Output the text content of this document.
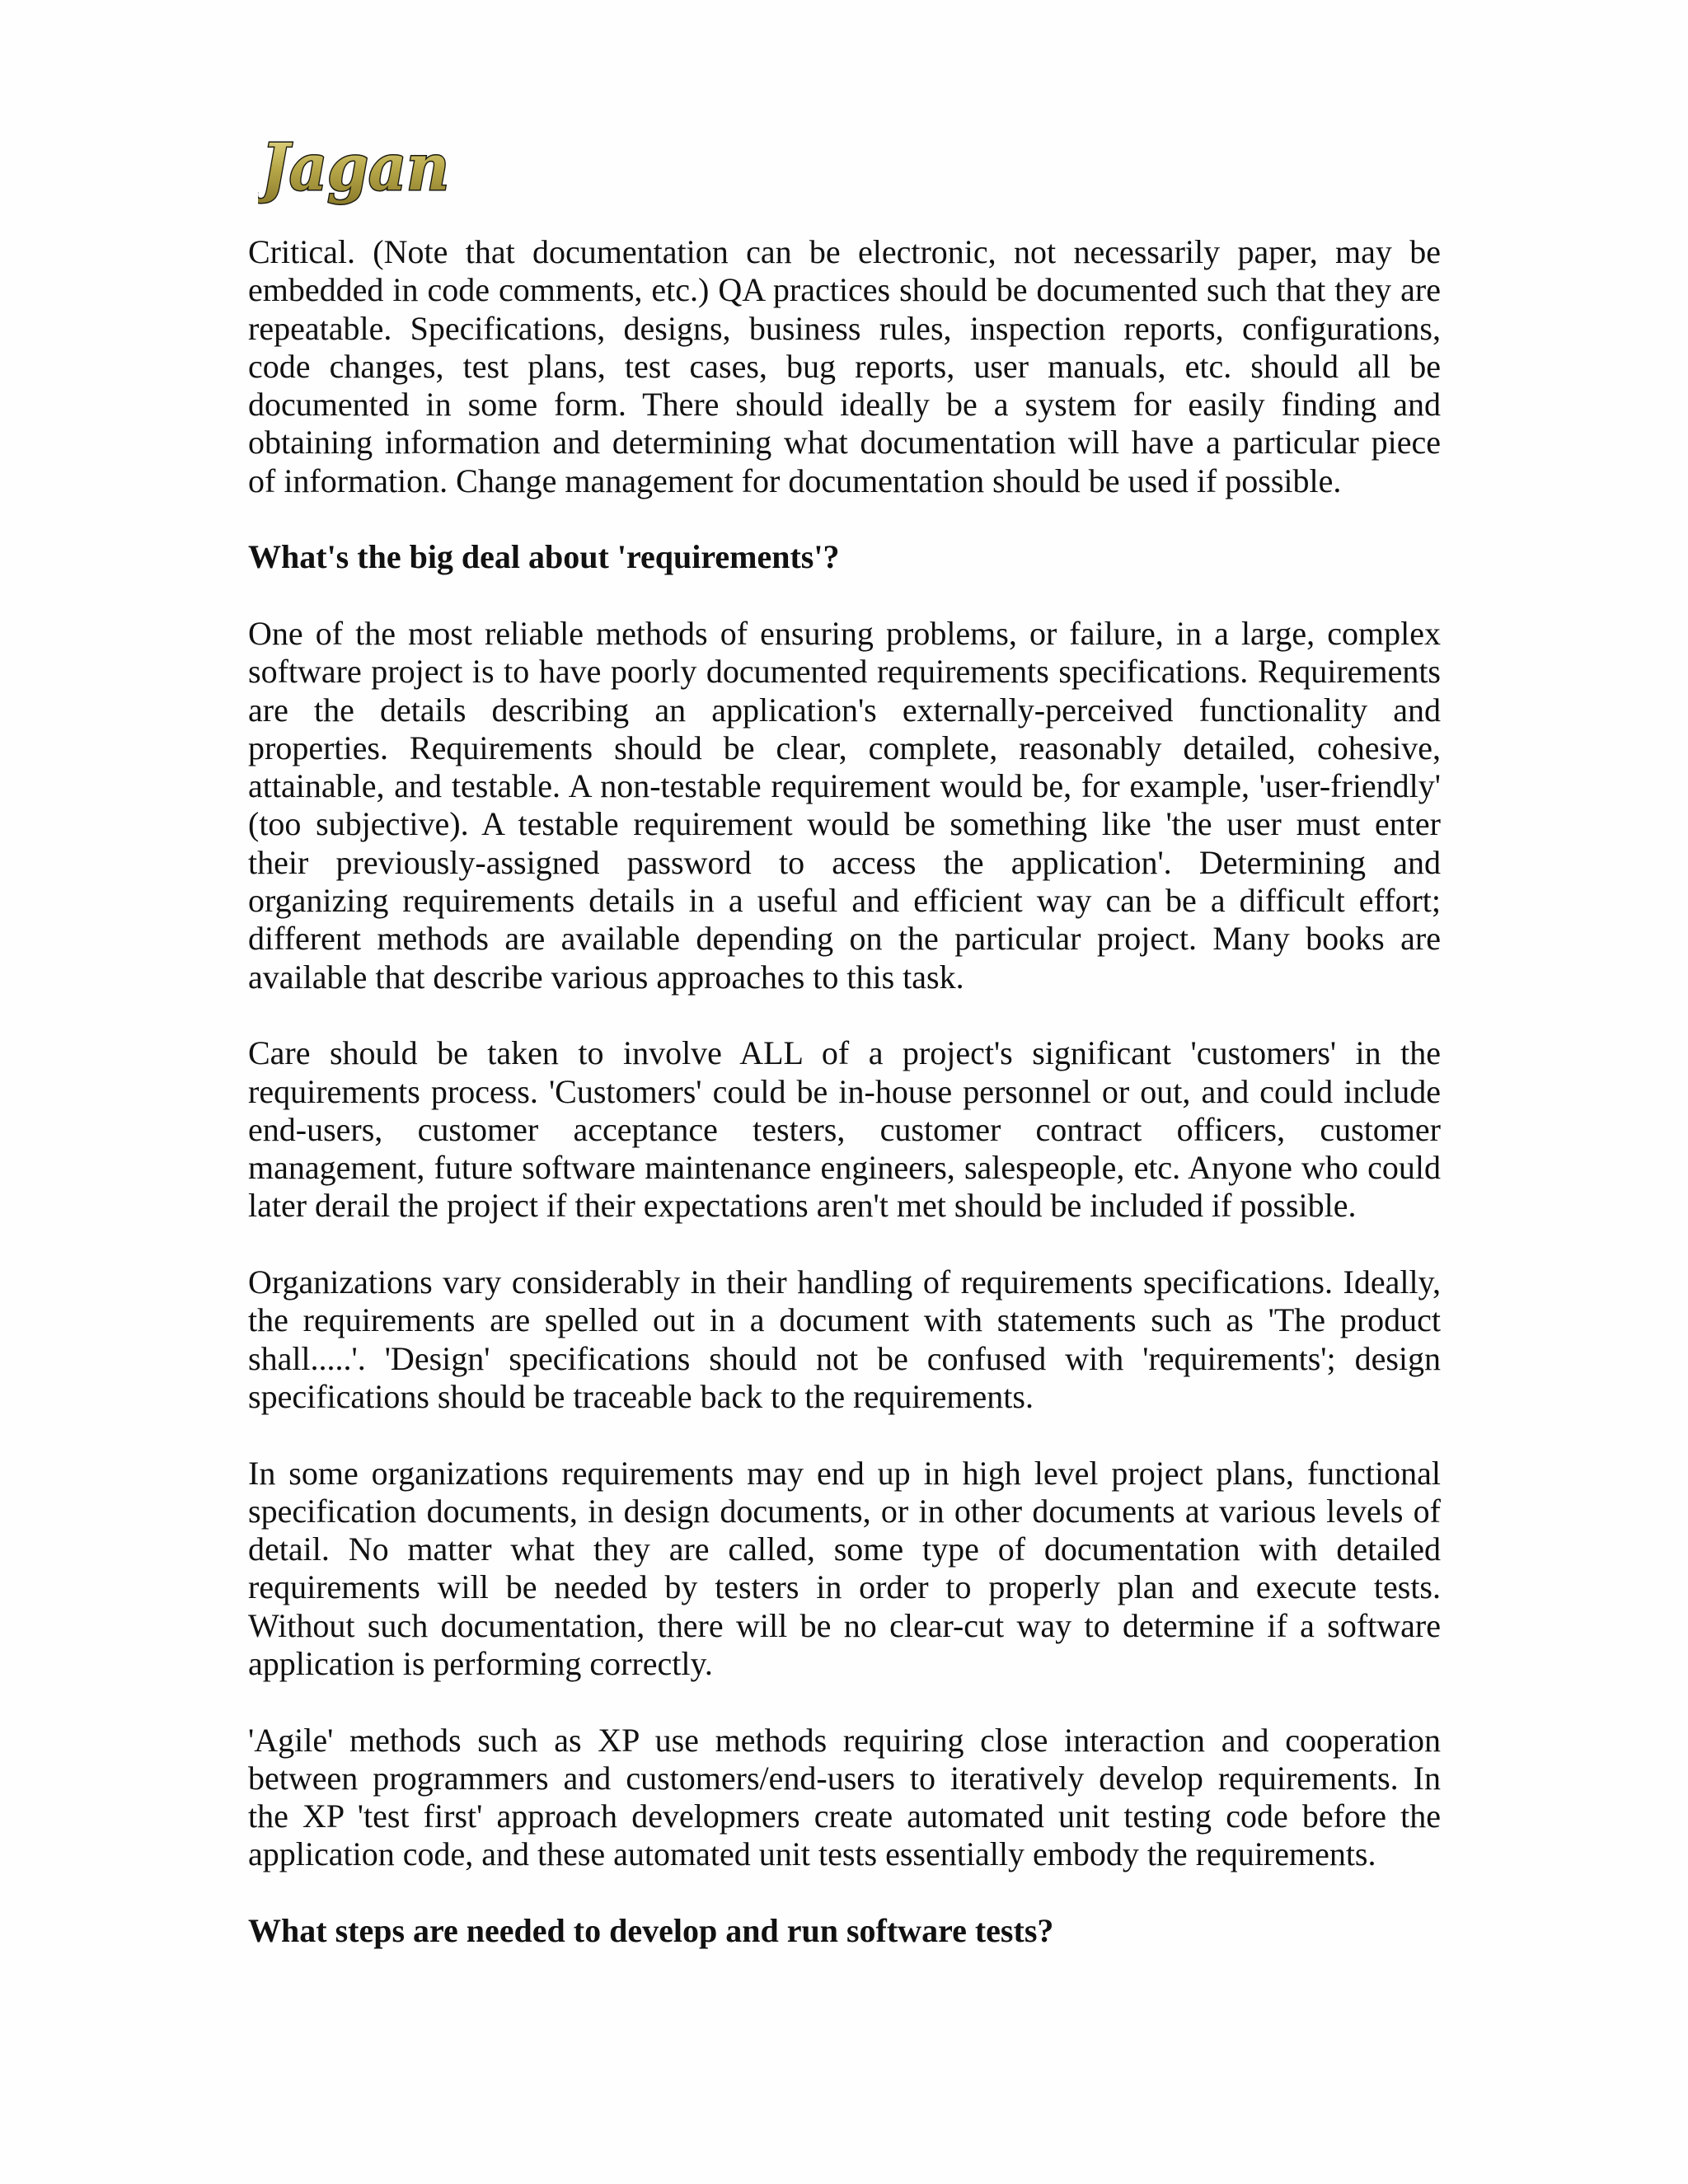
Jagan
Critical. (Note that documentation can be electronic, not necessarily paper, may be
embedded in code comments, etc.) QA practices should be documented such that they are
repeatable. Specifications, designs, business rules, inspection reports, configurations,
code changes, test plans, test cases, bug reports, user manuals, etc. should all be
documented in some form. There should ideally be a system for easily finding and
obtaining information and determining what documentation will have a particular piece
of information. Change management for documentation should be used if possible.
What's the big deal about 'requirements'?
One of the most reliable methods of ensuring problems, or failure, in a large, complex
software project is to have poorly documented requirements specifications. Requirements
are the details describing an application's externally-perceived functionality and
properties. Requirements should be clear, complete, reasonably detailed, cohesive,
attainable, and testable. A non-testable requirement would be, for example, 'user-friendly'
(too subjective). A testable requirement would be something like 'the user must enter
their previously-assigned password to access the application'. Determining and
organizing requirements details in a useful and efficient way can be a difficult effort;
different methods are available depending on the particular project. Many books are
available that describe various approaches to this task.
Care should be taken to involve ALL of a project's significant 'customers' in the
requirements process. 'Customers' could be in-house personnel or out, and could include
end-users, customer acceptance testers, customer contract officers, customer
management, future software maintenance engineers, salespeople, etc. Anyone who could
later derail the project if their expectations aren't met should be included if possible.
Organizations vary considerably in their handling of requirements specifications. Ideally,
the requirements are spelled out in a document with statements such as 'The product
shall.....'. 'Design' specifications should not be confused with 'requirements'; design
specifications should be traceable back to the requirements.
In some organizations requirements may end up in high level project plans, functional
specification documents, in design documents, or in other documents at various levels of
detail. No matter what they are called, some type of documentation with detailed
requirements will be needed by testers in order to properly plan and execute tests.
Without such documentation, there will be no clear-cut way to determine if a software
application is performing correctly.
'Agile' methods such as XP use methods requiring close interaction and cooperation
between programmers and customers/end-users to iteratively develop requirements. In
the XP 'test first' approach developmers create automated unit testing code before the
application code, and these automated unit tests essentially embody the requirements.
What steps are needed to develop and run software tests?
